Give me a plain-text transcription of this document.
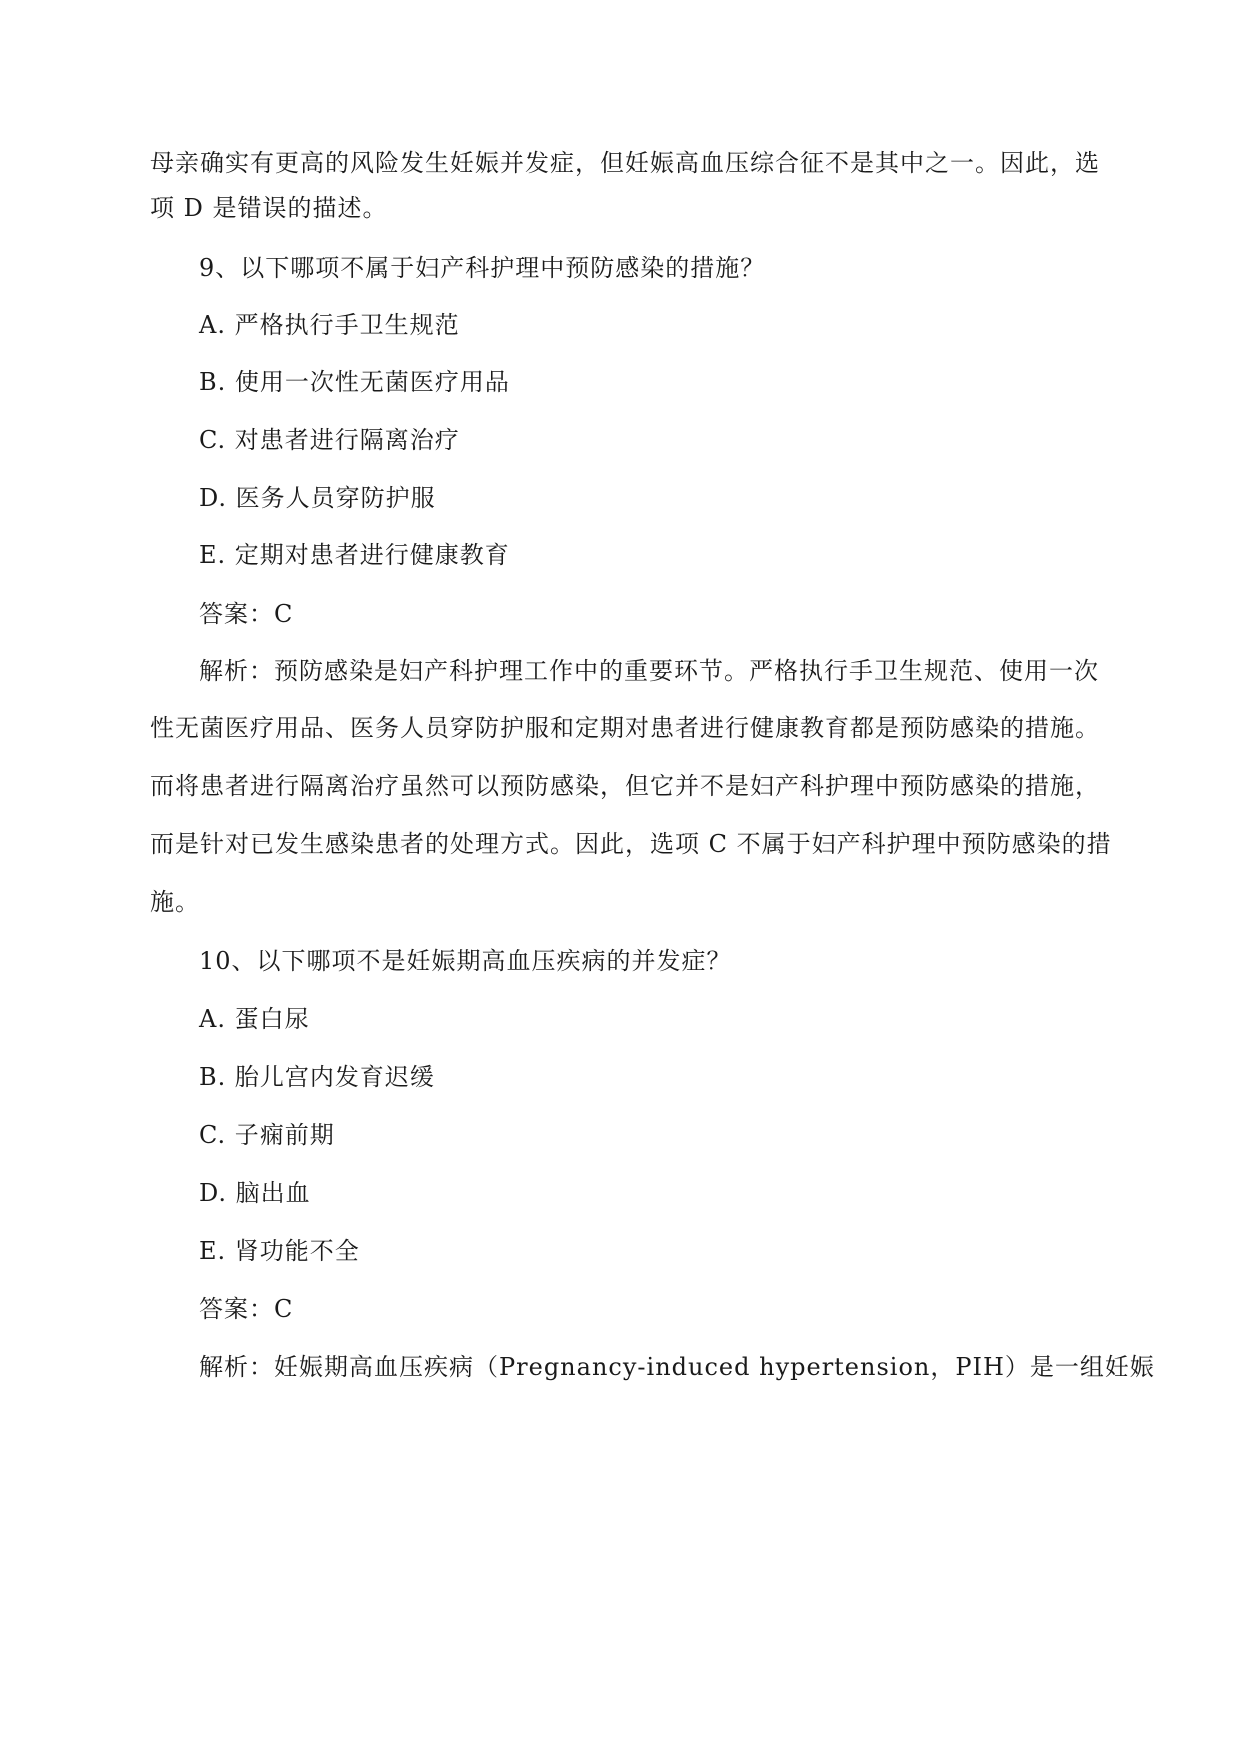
母亲确实有更高的风险发生妊娠并发症，但妊娠高血压综合征不是其中之一。因此，选

项 D 是错误的描述。

9、以下哪项不属于妇产科护理中预防感染的措施？

A. 严格执行手卫生规范

B. 使用一次性无菌医疗用品

C. 对患者进行隔离治疗

D. 医务人员穿防护服

E. 定期对患者进行健康教育

答案：C

解析：预防感染是妇产科护理工作中的重要环节。严格执行手卫生规范、使用一次

性无菌医疗用品、医务人员穿防护服和定期对患者进行健康教育都是预防感染的措施。

而将患者进行隔离治疗虽然可以预防感染，但它并不是妇产科护理中预防感染的措施，

而是针对已发生感染患者的处理方式。因此，选项 C 不属于妇产科护理中预防感染的措

施。

10、以下哪项不是妊娠期高血压疾病的并发症？

A. 蛋白尿

B. 胎儿宫内发育迟缓

C. 子痫前期

D. 脑出血

E. 肾功能不全

答案：C

解析：妊娠期高血压疾病（Pregnancy-induced hypertension，PIH）是一组妊娠
